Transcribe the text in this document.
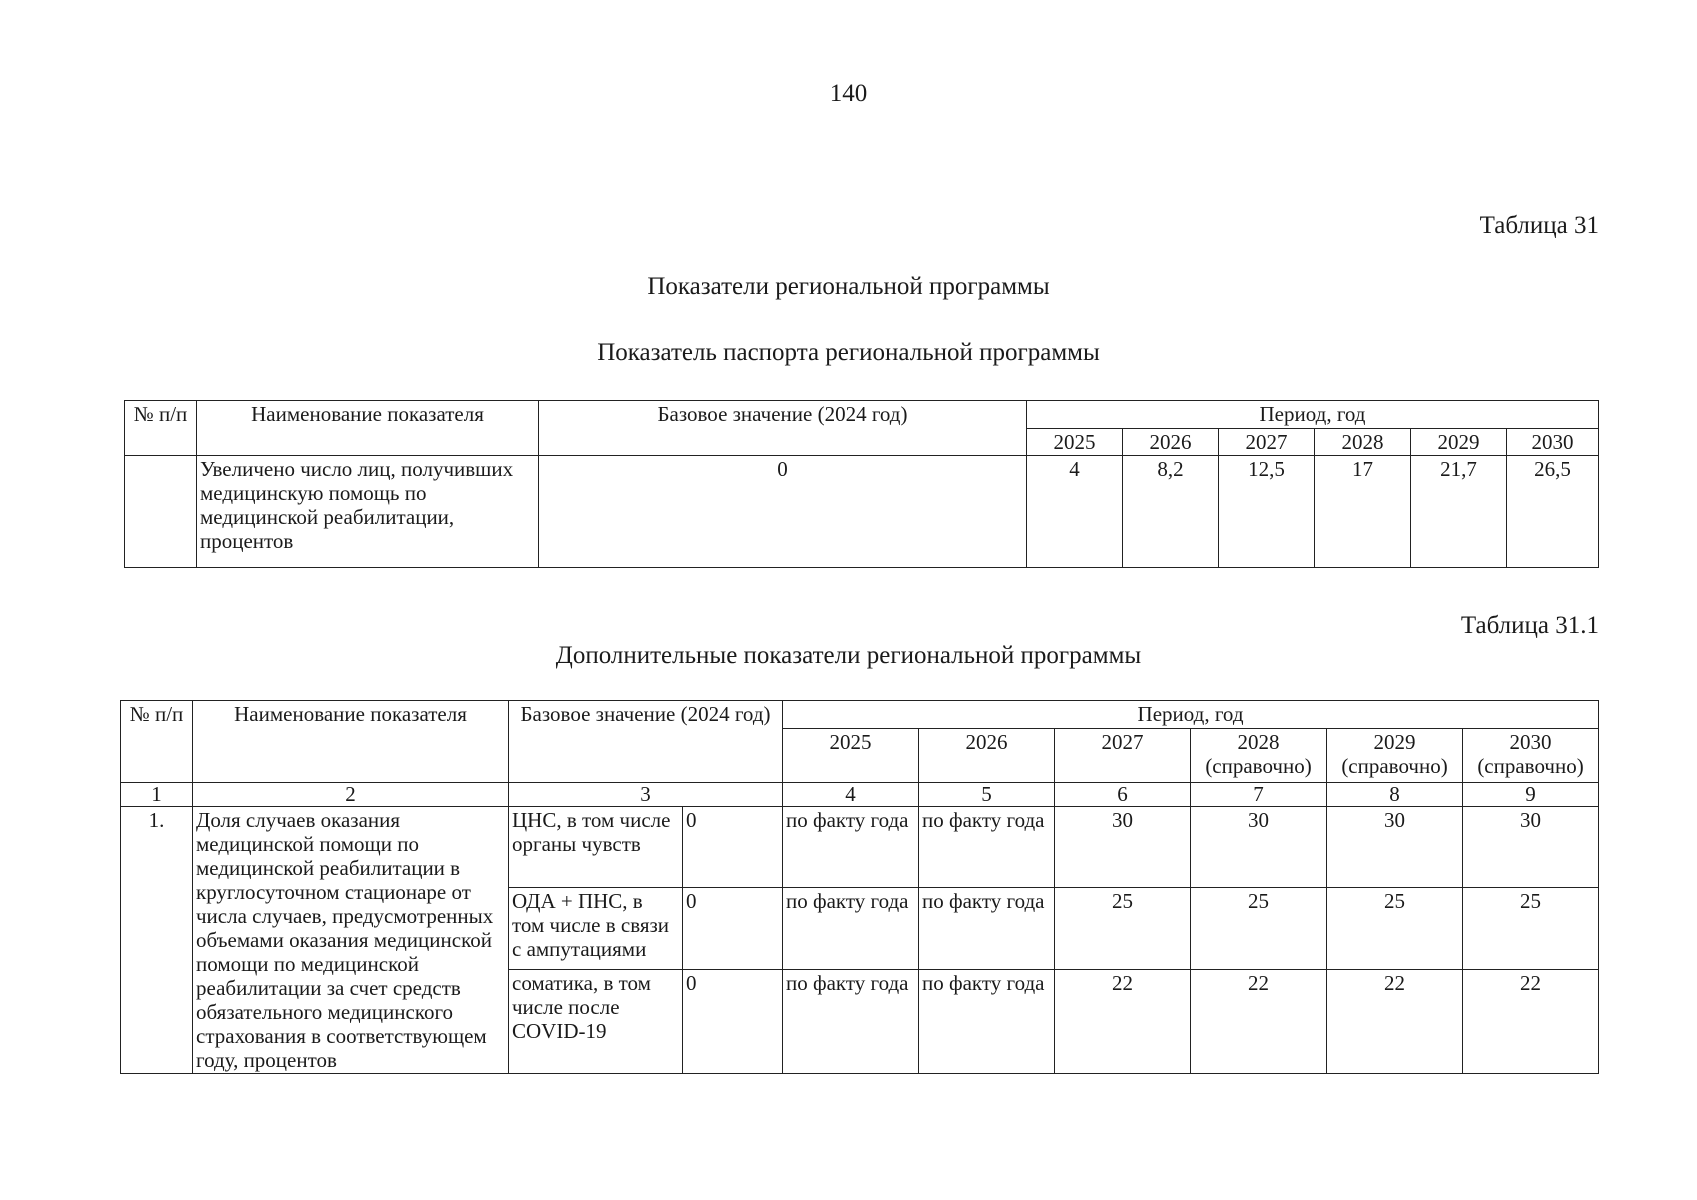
140
Таблица 31
Показатели региональной программы
Показатель паспорта региональной программы
№ п/п	Наименование показателя	Базовое значение (2024 год)	Период, год					
			2025	2026	2027	2028	2029	2030
	Увеличено число лиц, получивших медицинскую помощь по медицинской реабилитации, процентов	0	4	8,2	12,5	17	21,7	26,5
Таблица 31.1
Дополнительные показатели региональной программы
№ п/п	Наименование показателя	Базовое значение (2024 год)		Период, год					
				2025	2026	2027	2028 (справочно)	2029 (справочно)	2030 (справочно)
1	2	3		4	5	6	7	8	9
1.	Доля случаев оказания медицинской помощи по медицинской реабилитации в круглосуточном стационаре от числа случаев, предусмотренных объемами оказания медицинской помощи по медицинской реабилитации за счет средств обязательного медицинского страхования в соответствующем году, процентов	ЦНС, в том числе органы чувств	0	по факту года	по факту года	30	30	30	30
		ОДА + ПНС, в том числе в связи с ампутациями	0	по факту года	по факту года	25	25	25	25
		соматика, в том числе после COVID-19	0	по факту года	по факту года	22	22	22	22
